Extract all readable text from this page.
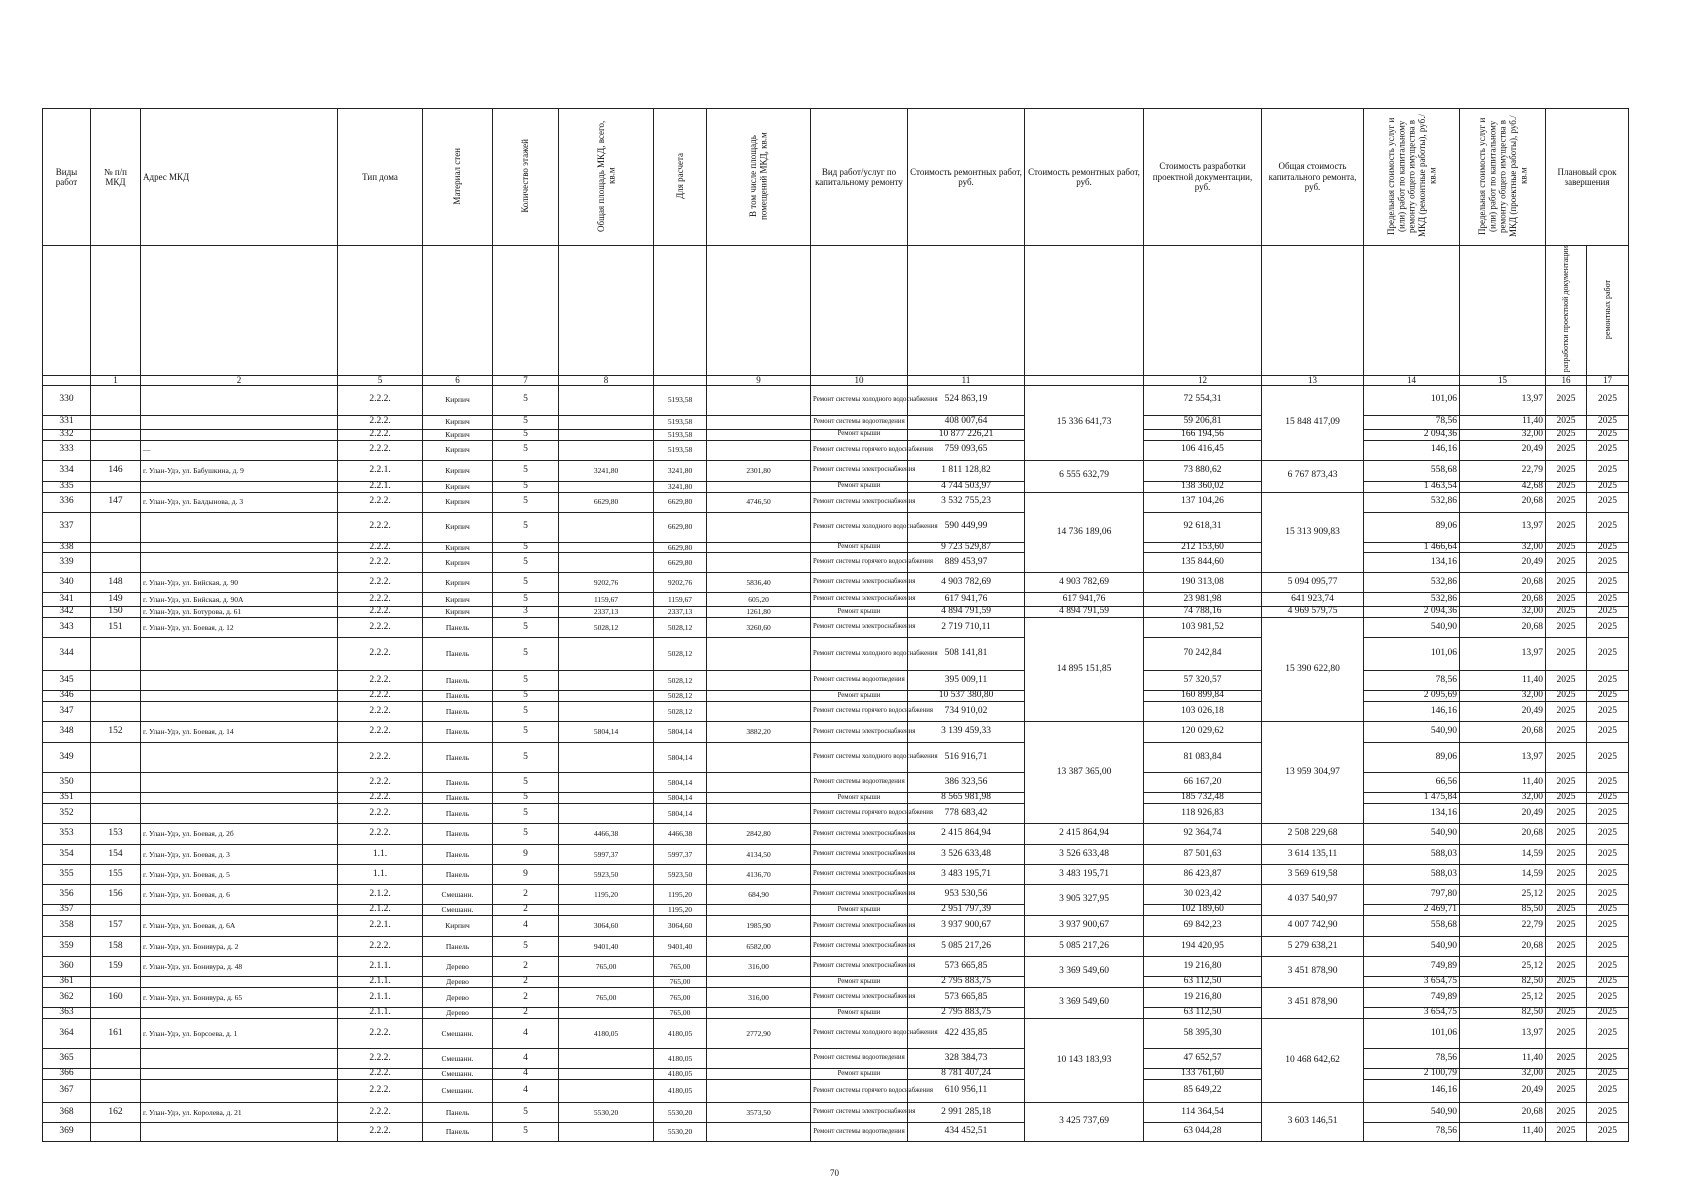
Виды работ	№ п/п МКД	Адрес МКД	Тип дома	Материал стен	Количество этажей	Общая площадь МКД, всего, кв.м	Для расчета	В том числе площадь помещений МКД, кв.м	Вид работ/услуг по капитальному ремонту	Стоимость ремонтных работ, руб.	Стоимость ремонтных работ, руб.	Стоимость разработки проектной документации, руб.	Общая стоимость капитального ремонта, руб.	Предельная стоимость услуг и (или) работ по капитальному ремонту общего имущества в МКД (ремонтные работы), руб./кв.м	Предельная стоимость услуг и (или) работ по капитальному ремонту общего имущества в МКД (проектные работы), руб./кв.м	Плановый срок завершения	
																разработки проектной документации	ремонтных работ
	1	2	5	6	7	8		9	10	11		12	13	14	15	16	17
330			2.2.2.	Кирпич	5		5193,58		Ремонт системы холодного водоснабжения	524 863,19	15 336 641,73	72 554,31	15 848 417,09	101,06	13,97	2025	2025
331			2.2.2.	Кирпич	5		5193,58		Ремонт системы водоотведения	408 007,64		59 206,81		78,56	11,40	2025	2025
332			2.2.2.	Кирпич	5		5193,58		Ремонт крыши	10 877 226,21		166 194,56		2 094,36	32,00	2025	2025
333		—	2.2.2.	Кирпич	5		5193,58		Ремонт системы горячего водоснабжения	759 093,65		106 416,45		146,16	20,49	2025	2025
334	146	г. Улан-Удэ, ул. Бабушкина, д. 9	2.2.1.	Кирпич	5	3241,80	3241,80	2301,80	Ремонт системы электроснабжения	1 811 128,82	6 555 632,79	73 880,62	6 767 873,43	558,68	22,79	2025	2025
335			2.2.1.	Кирпич	5		3241,80		Ремонт крыши	4 744 503,97		138 360,02		1 463,54	42,68	2025	2025
336	147	г. Улан-Удэ, ул. Балдынова, д. 3	2.2.2.	Кирпич	5	6629,80	6629,80	4746,50	Ремонт системы электроснабжения	3 532 755,23	14 736 189,06	137 104,26	15 313 909,83	532,86	20,68	2025	2025
337			2.2.2.	Кирпич	5		6629,80		Ремонт системы холодного водоснабжения	590 449,99		92 618,31		89,06	13,97	2025	2025
338			2.2.2.	Кирпич	5		6629,80		Ремонт крыши	9 723 529,87		212 153,60		1 466,64	32,00	2025	2025
339			2.2.2.	Кирпич	5		6629,80		Ремонт системы горячего водоснабжения	889 453,97		135 844,60		134,16	20,49	2025	2025
340	148	г. Улан-Удэ, ул. Бийская, д. 90	2.2.2.	Кирпич	5	9202,76	9202,76	5836,40	Ремонт системы электроснабжения	4 903 782,69	4 903 782,69	190 313,08	5 094 095,77	532,86	20,68	2025	2025
341	149	г. Улан-Удэ, ул. Бийская, д. 90А	2.2.2.	Кирпич	5	1159,67	1159,67	605,20	Ремонт системы электроснабжения	617 941,76	617 941,76	23 981,98	641 923,74	532,86	20,68	2025	2025
342	150	г. Улан-Удэ, ул. Ботурова, д. 61	2.2.2.	Кирпич	3	2337,13	2337,13	1261,80	Ремонт крыши	4 894 791,59	4 894 791,59	74 788,16	4 969 579,75	2 094,36	32,00	2025	2025
343	151	г. Улан-Удэ, ул. Боевая, д. 12	2.2.2.	Панель	5	5028,12	5028,12	3260,60	Ремонт системы электроснабжения	2 719 710,11	14 895 151,85	103 981,52	15 390 622,80	540,90	20,68	2025	2025
344			2.2.2.	Панель	5		5028,12		Ремонт системы холодного водоснабжения	508 141,81		70 242,84		101,06	13,97	2025	2025
345			2.2.2.	Панель	5		5028,12		Ремонт системы водоотведения	395 009,11		57 320,57		78,56	11,40	2025	2025
346			2.2.2.	Панель	5		5028,12		Ремонт крыши	10 537 380,80		160 899,84		2 095,69	32,00	2025	2025
347			2.2.2.	Панель	5		5028,12		Ремонт системы горячего водоснабжения	734 910,02		103 026,18		146,16	20,49	2025	2025
348	152	г. Улан-Удэ, ул. Боевая, д. 14	2.2.2.	Панель	5	5804,14	5804,14	3882,20	Ремонт системы электроснабжения	3 139 459,33	13 387 365,00	120 029,62	13 959 304,97	540,90	20,68	2025	2025
349			2.2.2.	Панель	5		5804,14		Ремонт системы холодного водоснабжения	516 916,71		81 083,84		89,06	13,97	2025	2025
350			2.2.2.	Панель	5		5804,14		Ремонт системы водоотведения	386 323,56		66 167,20		66,56	11,40	2025	2025
351			2.2.2.	Панель	5		5804,14		Ремонт крыши	8 565 981,98		185 732,48		1 475,84	32,00	2025	2025
352			2.2.2.	Панель	5		5804,14		Ремонт системы горячего водоснабжения	778 683,42		118 926,83		134,16	20,49	2025	2025
353	153	г. Улан-Удэ, ул. Боевая, д. 2б	2.2.2.	Панель	5	4466,38	4466,38	2842,80	Ремонт системы электроснабжения	2 415 864,94	2 415 864,94	92 364,74	2 508 229,68	540,90	20,68	2025	2025
354	154	г. Улан-Удэ, ул. Боевая, д. 3	1.1.	Панель	9	5997,37	5997,37	4134,50	Ремонт системы электроснабжения	3 526 633,48	3 526 633,48	87 501,63	3 614 135,11	588,03	14,59	2025	2025
355	155	г. Улан-Удэ, ул. Боевая, д. 5	1.1.	Панель	9	5923,50	5923,50	4136,70	Ремонт системы электроснабжения	3 483 195,71	3 483 195,71	86 423,87	3 569 619,58	588,03	14,59	2025	2025
356	156	г. Улан-Удэ, ул. Боевая, д. 6	2.1.2.	Смешанн.	2	1195,20	1195,20	684,90	Ремонт системы электроснабжения	953 530,56	3 905 327,95	30 023,42	4 037 540,97	797,80	25,12	2025	2025
357			2.1.2.	Смешанн.	2		1195,20		Ремонт крыши	2 951 797,39		102 189,60		2 469,71	85,50	2025	2025
358	157	г. Улан-Удэ, ул. Боевая, д. 6А	2.2.1.	Кирпич	4	3064,60	3064,60	1985,90	Ремонт системы электроснабжения	3 937 900,67	3 937 900,67	69 842,23	4 007 742,90	558,68	22,79	2025	2025
359	158	г. Улан-Удэ, ул. Бонивура, д. 2	2.2.2.	Панель	5	9401,40	9401,40	6582,00	Ремонт системы электроснабжения	5 085 217,26	5 085 217,26	194 420,95	5 279 638,21	540,90	20,68	2025	2025
360	159	г. Улан-Удэ, ул. Бонивура, д. 48	2.1.1.	Дерево	2	765,00	765,00	316,00	Ремонт системы электроснабжения	573 665,85	3 369 549,60	19 216,80	3 451 878,90	749,89	25,12	2025	2025
361			2.1.1.	Дерево	2		765,00		Ремонт крыши	2 795 883,75		63 112,50		3 654,75	82,50	2025	2025
362	160	г. Улан-Удэ, ул. Бонивура, д. 65	2.1.1.	Дерево	2	765,00	765,00	316,00	Ремонт системы электроснабжения	573 665,85	3 369 549,60	19 216,80	3 451 878,90	749,89	25,12	2025	2025
363			2.1.1.	Дерево	2		765,00		Ремонт крыши	2 795 883,75		63 112,50		3 654,75	82,50	2025	2025
364	161	г. Улан-Удэ, ул. Борсоева, д. 1	2.2.2.	Смешанн.	4	4180,05	4180,05	2772,90	Ремонт системы холодного водоснабжения	422 435,85	10 143 183,93	58 395,30	10 468 642,62	101,06	13,97	2025	2025
365			2.2.2.	Смешанн.	4		4180,05		Ремонт системы водоотведения	328 384,73		47 652,57		78,56	11,40	2025	2025
366			2.2.2.	Смешанн.	4		4180,05		Ремонт крыши	8 781 407,24		133 761,60		2 100,79	32,00	2025	2025
367			2.2.2.	Смешанн.	4		4180,05		Ремонт системы горячего водоснабжения	610 956,11		85 649,22		146,16	20,49	2025	2025
368	162	г. Улан-Удэ, ул. Королева, д. 21	2.2.2.	Панель	5	5530,20	5530,20	3573,50	Ремонт системы электроснабжения	2 991 285,18	3 425 737,69	114 364,54	3 603 146,51	540,90	20,68	2025	2025
369			2.2.2.	Панель	5		5530,20		Ремонт системы водоотведения	434 452,51		63 044,28		78,56	11,40	2025	2025
70
